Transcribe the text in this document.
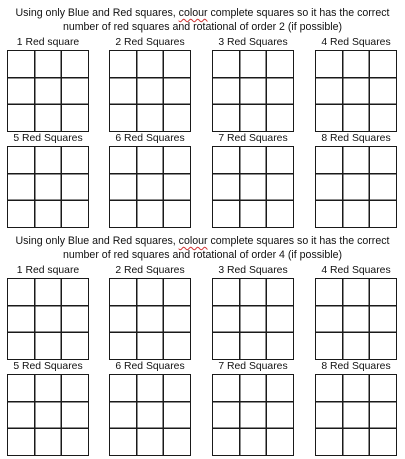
Using only Blue and Red squares, colour complete squares so it has the correct

number of red squares and rotational of order 2 (if possible)

1 Red square	2 Red Squares	3 Red Squares	4 Red Squares
5 Red Squares	6 Red Squares	7 Red Squares	8 Red Squares

Using only Blue and Red squares, colour complete squares so it has the correct

number of red squares and rotational of order 4 (if possible)

1 Red square	2 Red Squares	3 Red Squares	4 Red Squares
5 Red Squares	6 Red Squares	7 Red Squares	8 Red Squares
